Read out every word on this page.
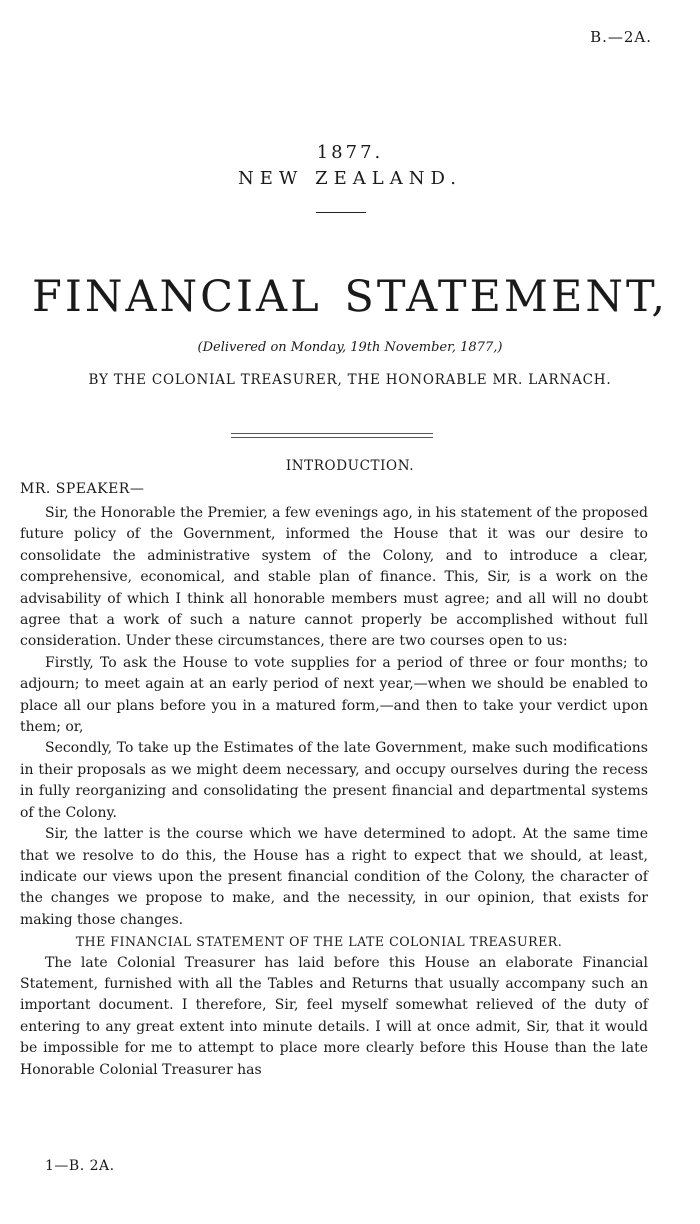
B.—2A.
1877.
NEW ZEALAND.
FINANCIAL STATEMENT,
(Delivered on Monday, 19th November, 1877,)
BY THE COLONIAL TREASURER, THE HONORABLE MR. LARNACH.
INTRODUCTION.
MR. SPEAKER—

Sir, the Honorable the Premier, a few evenings ago, in his statement of the proposed future policy of the Government, informed the House that it was our desire to consolidate the administrative system of the Colony, and to introduce a clear, comprehensive, economical, and stable plan of finance. This, Sir, is a work on the advisability of which I think all honorable members must agree; and all will no doubt agree that a work of such a nature cannot properly be accomplished without full consideration. Under these circumstances, there are two courses open to us:

Firstly, To ask the House to vote supplies for a period of three or four months; to adjourn; to meet again at an early period of next year,—when we should be enabled to place all our plans before you in a matured form,—and then to take your verdict upon them; or,

Secondly, To take up the Estimates of the late Government, make such modifications in their proposals as we might deem necessary, and occupy ourselves during the recess in fully reorganizing and consolidating the present financial and departmental systems of the Colony.

Sir, the latter is the course which we have determined to adopt. At the same time that we resolve to do this, the House has a right to expect that we should, at least, indicate our views upon the present financial condition of the Colony, the character of the changes we propose to make, and the necessity, in our opinion, that exists for making those changes.

THE FINANCIAL STATEMENT OF THE LATE COLONIAL TREASURER.

The late Colonial Treasurer has laid before this House an elaborate Financial Statement, furnished with all the Tables and Returns that usually accompany such an important document. I therefore, Sir, feel myself somewhat relieved of the duty of entering to any great extent into minute details. I will at once admit, Sir, that it would be impossible for me to attempt to place more clearly before this House than the late Honorable Colonial Treasurer has

1—B. 2A.
